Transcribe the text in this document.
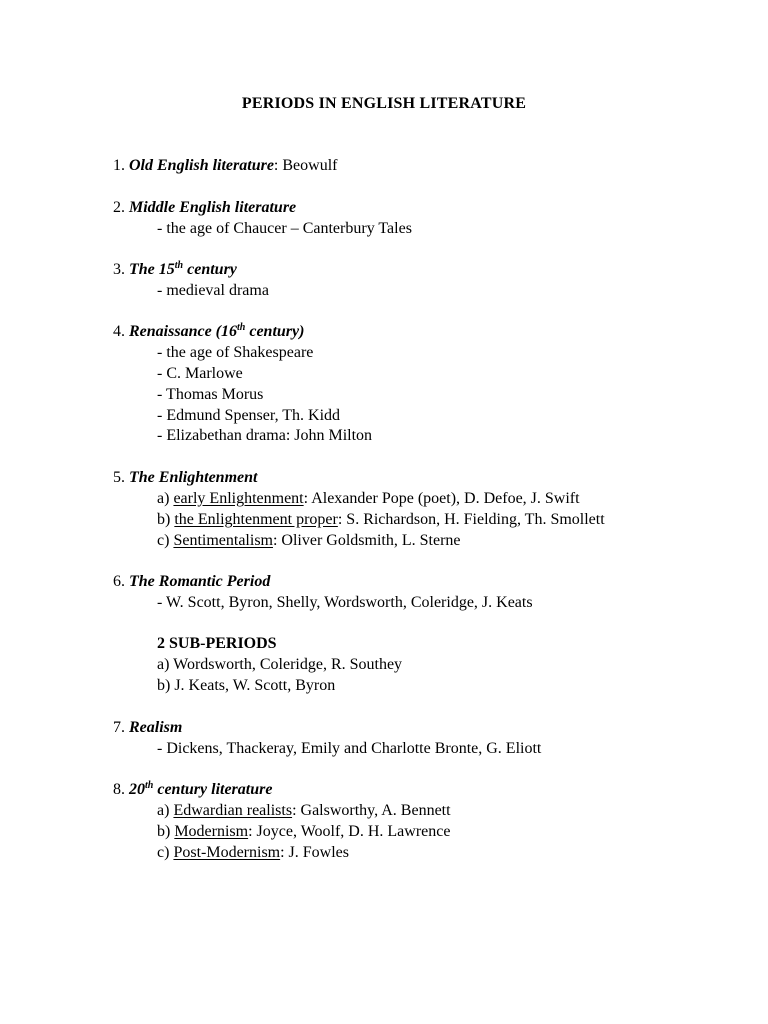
PERIODS IN ENGLISH LITERATURE
1. Old English literature: Beowulf
2. Middle English literature
- the age of Chaucer – Canterbury Tales
3. The 15th century
- medieval drama
4. Renaissance (16th century)
- the age of Shakespeare
- C. Marlowe
- Thomas Morus
- Edmund Spenser, Th. Kidd
- Elizabethan drama: John Milton
5. The Enlightenment
a) early Enlightenment: Alexander Pope (poet), D. Defoe, J. Swift
b) the Enlightenment proper: S. Richardson, H. Fielding, Th. Smollett
c) Sentimentalism: Oliver Goldsmith, L. Sterne
6. The Romantic Period
- W. Scott, Byron, Shelly, Wordsworth, Coleridge, J. Keats
2 SUB-PERIODS
a) Wordsworth, Coleridge, R. Southey
b) J. Keats, W. Scott, Byron
7. Realism
- Dickens, Thackeray, Emily and Charlotte Bronte, G. Eliott
8. 20th century literature
a) Edwardian realists: Galsworthy, A. Bennett
b) Modernism: Joyce, Woolf, D. H. Lawrence
c) Post-Modernism: J. Fowles
